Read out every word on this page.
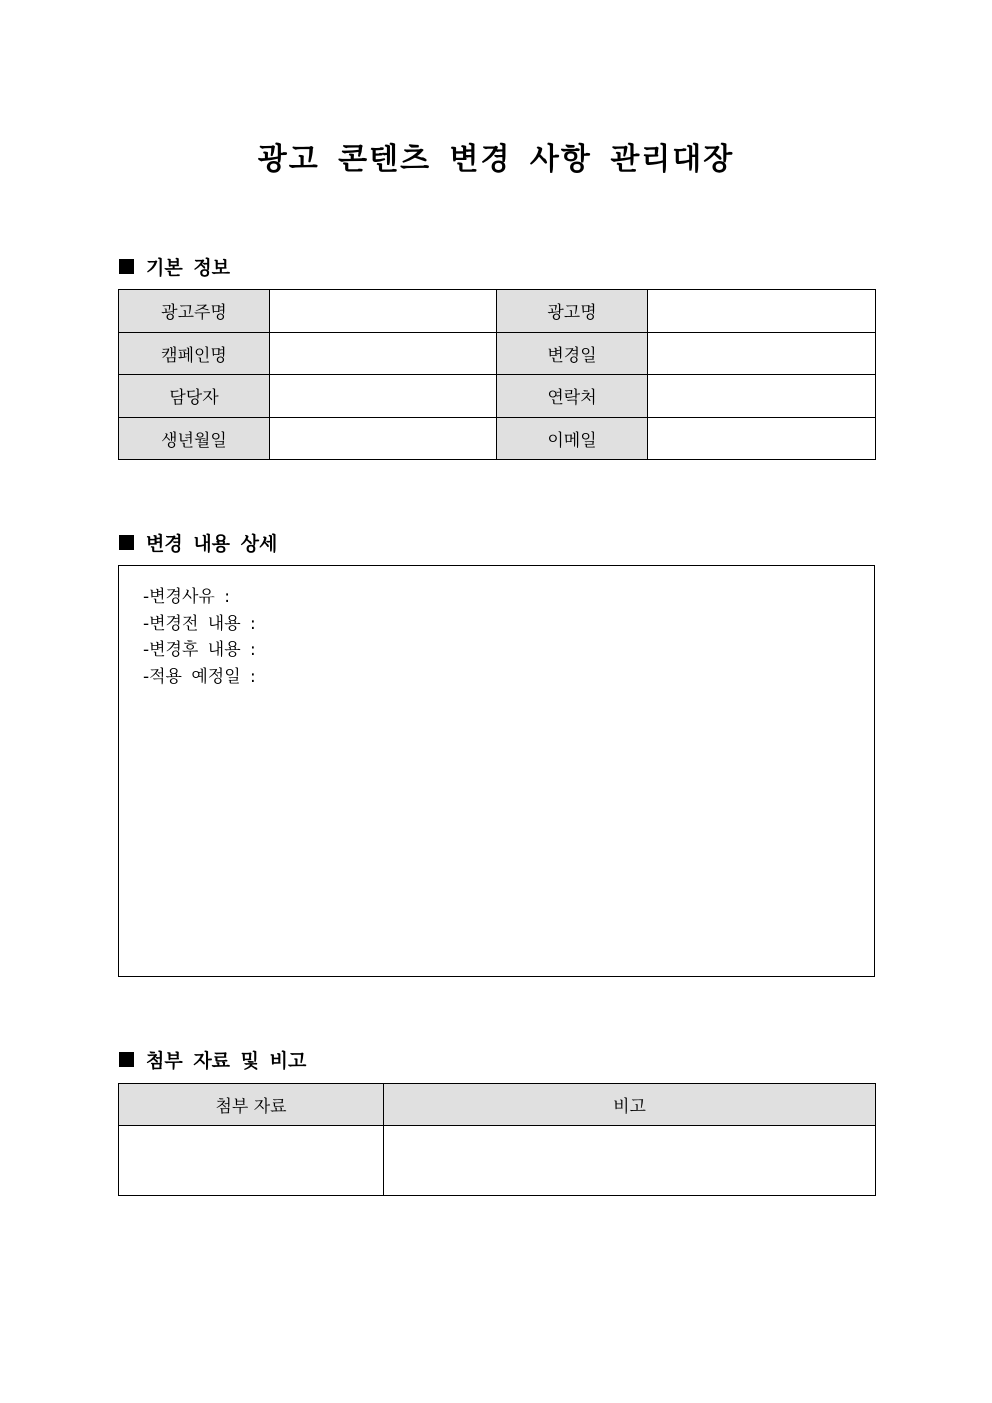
광고 콘텐츠 변경 사항 관리대장
기본 정보
광고주명		광고명	
캠페인명		변경일	
담당자		연락처	
생년월일		이메일	
변경 내용 상세
-변경사유 :
-변경전 내용 :
-변경후 내용 :
-적용 예정일 :
첨부 자료 및 비고
첨부 자료	비고
